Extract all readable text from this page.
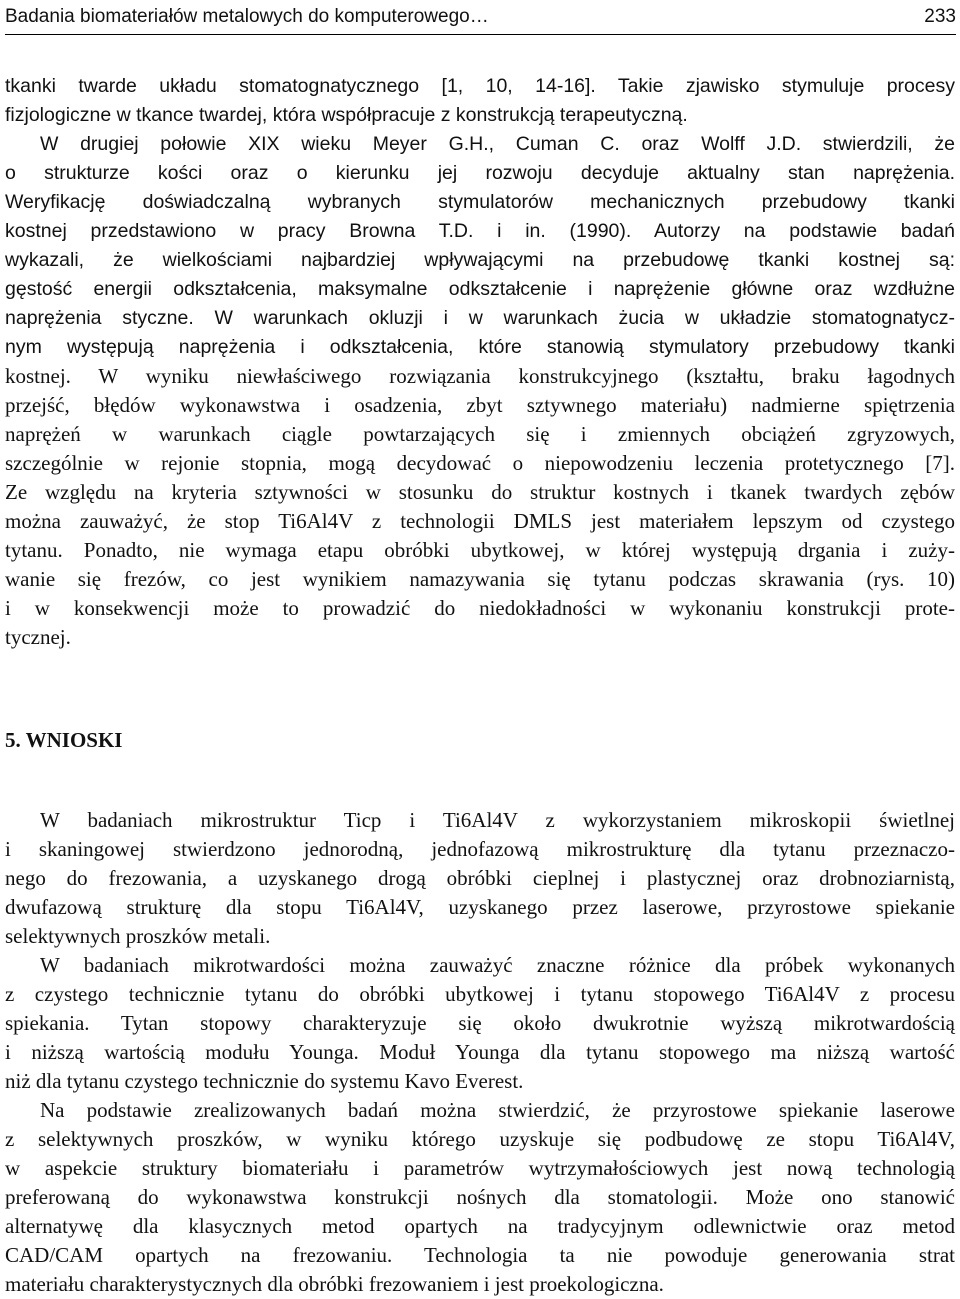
Badania biomateriałów metalowych do komputerowego…	233
tkanki twarde układu stomatognatycznego [1, 10, 14-16]. Takie zjawisko stymuluje procesy
fizjologiczne w tkance twardej, która współpracuje z konstrukcją terapeutyczną.
W drugiej połowie XIX wieku Meyer G.H., Cuman C. oraz Wolff J.D. stwierdzili, że
o strukturze kości oraz o kierunku jej rozwoju decyduje aktualny stan naprężenia.
Weryfikację doświadczalną wybranych stymulatorów mechanicznych przebudowy tkanki
kostnej przedstawiono w pracy Browna T.D. i in. (1990). Autorzy na podstawie badań
wykazali, że wielkościami najbardziej wpływającymi na przebudowę tkanki kostnej są:
gęstość energii odkształcenia, maksymalne odkształcenie i naprężenie główne oraz wzdłużne
naprężenia styczne. W warunkach okluzji i w warunkach żucia w układzie stomatognatycz-
nym występują naprężenia i odkształcenia, które stanowią stymulatory przebudowy tkanki
kostnej. W wyniku niewłaściwego rozwiązania konstrukcyjnego (kształtu, braku łagodnych
przejść, błędów wykonawstwa i osadzenia, zbyt sztywnego materiału) nadmierne spiętrzenia
naprężeń w warunkach ciągle powtarzających się i zmiennych obciążeń zgryzowych,
szczególnie w rejonie stopnia, mogą decydować o niepowodzeniu leczenia protetycznego [7].
Ze względu na kryteria sztywności w stosunku do struktur kostnych i tkanek twardych zębów
można zauważyć, że stop Ti6Al4V z technologii DMLS jest materiałem lepszym od czystego
tytanu. Ponadto, nie wymaga etapu obróbki ubytkowej, w której występują drgania i zuży-
wanie się frezów, co jest wynikiem namazywania się tytanu podczas skrawania (rys. 10)
i w konsekwencji może to prowadzić do niedokładności w wykonaniu konstrukcji prote-
tycznej.
5. WNIOSKI
W badaniach mikrostruktur Ticp i Ti6Al4V z wykorzystaniem mikroskopii świetlnej
i skaningowej stwierdzono jednorodną, jednofazową mikrostrukturę dla tytanu przeznaczo-
nego do frezowania, a uzyskanego drogą obróbki cieplnej i plastycznej oraz drobnoziarnistą,
dwufazową strukturę dla stopu Ti6Al4V, uzyskanego przez laserowe, przyrostowe spiekanie
selektywnych proszków metali.
W badaniach mikrotwardości można zauważyć znaczne różnice dla próbek wykonanych
z czystego technicznie tytanu do obróbki ubytkowej i tytanu stopowego Ti6Al4V z procesu
spiekania. Tytan stopowy charakteryzuje się około dwukrotnie wyższą mikrotwardością
i niższą wartością modułu Younga. Moduł Younga dla tytanu stopowego ma niższą wartość
niż dla tytanu czystego technicznie do systemu Kavo Everest.
Na podstawie zrealizowanych badań można stwierdzić, że przyrostowe spiekanie laserowe
z selektywnych proszków, w wyniku którego uzyskuje się podbudowę ze stopu Ti6Al4V,
w aspekcie struktury biomateriału i parametrów wytrzymałościowych jest nową technologią
preferowaną do wykonawstwa konstrukcji nośnych dla stomatologii. Może ono stanowić
alternatywę dla klasycznych metod opartych na tradycyjnym odlewnictwie oraz metod
CAD/CAM opartych na frezowaniu. Technologia ta nie powoduje generowania strat
materiału charakterystycznych dla obróbki frezowaniem i jest proekologiczna.
